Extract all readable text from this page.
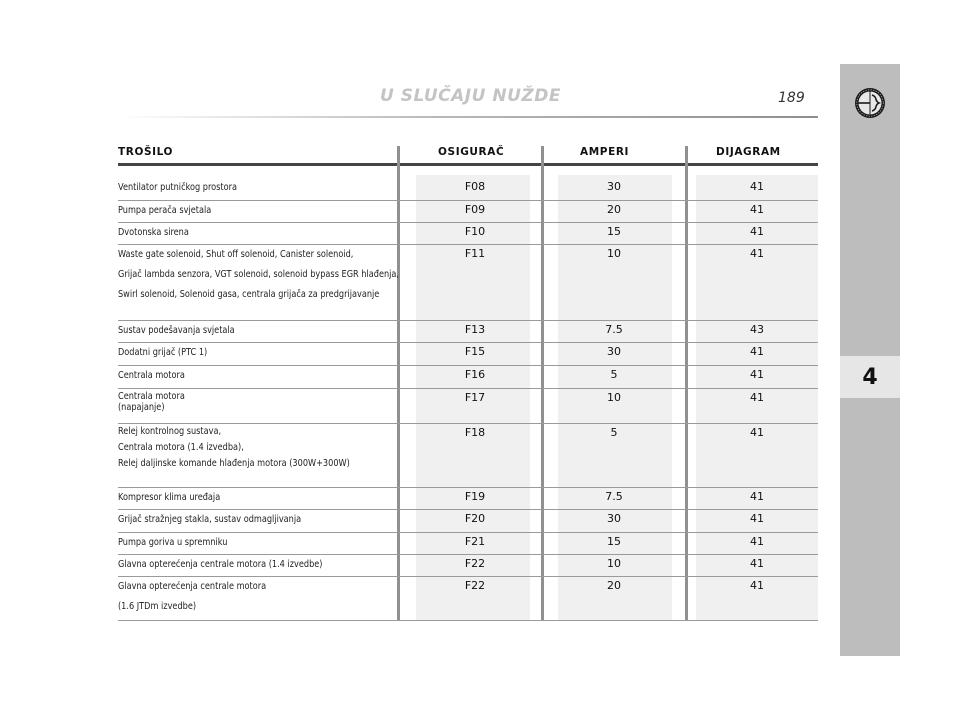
U SLUČAJU NUŽDE	189
4
TROŠILO	OSIGURAČ	AMPERI	DIJAGRAM
Ventilator putničkog prostora	F08	30	41
Pumpa perača svjetala	F09	20	41
Dvotonska sirena	F10	15	41
Waste gate solenoid, Shut off solenoid, Canister solenoid,
Grijač lambda senzora, VGT solenoid, solenoid bypass EGR hlađenja,
Swirl solenoid, Solenoid gasa, centrala grijača za predgrijavanje
F11	10	41
Sustav podešavanja svjetala	F13	7.5	43
Dodatni grijač (PTC 1)	F15	30	41
Centrala motora	F16	5	41
Centrala motora
(napajanje)
F17	10	41
Relej kontrolnog sustava,
Centrala motora (1.4 izvedba),
Relej daljinske komande hlađenja motora (300W+300W)
F18	5	41
Kompresor klima uređaja	F19	7.5	41
Grijač stražnjeg stakla, sustav odmagljivanja	F20	30	41
Pumpa goriva u spremniku	F21	15	41
Glavna opterećenja centrale motora (1.4 izvedbe)	F22	10	41
Glavna opterećenja centrale motora
(1.6 JTDm izvedbe)
F22	20	41
